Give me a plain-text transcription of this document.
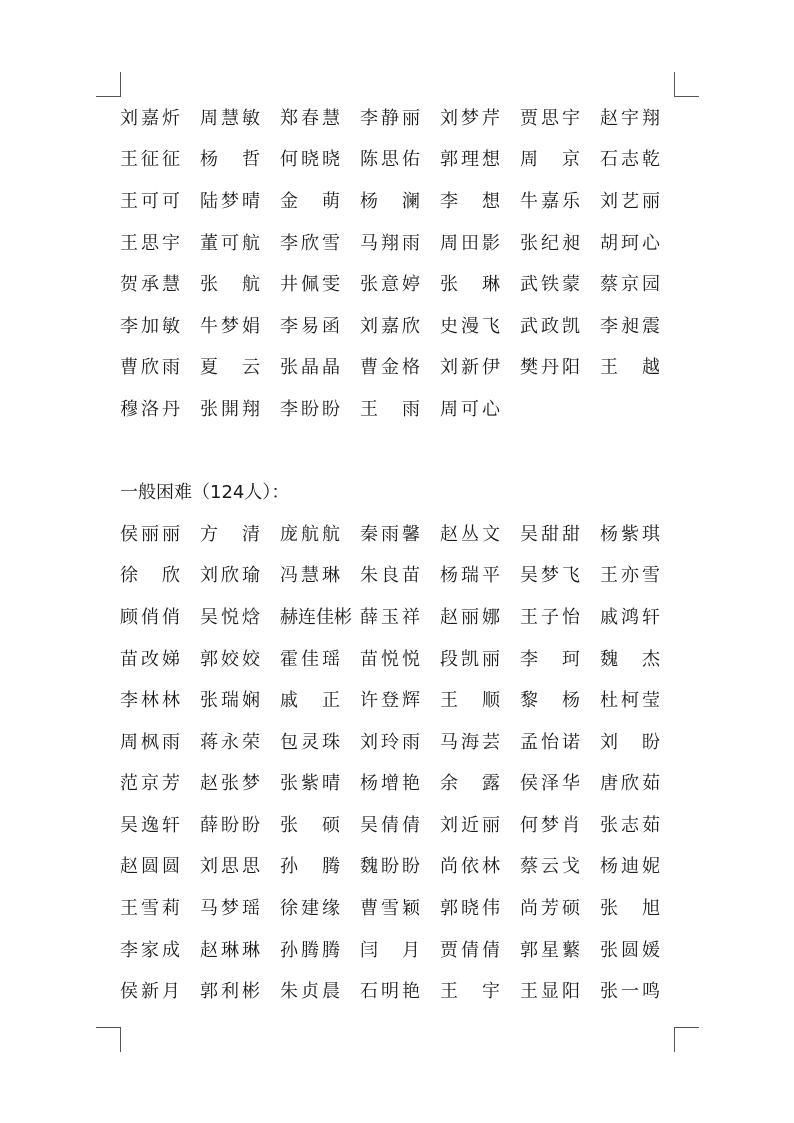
刘嘉炘	周慧敏	郑春慧	李静丽	刘梦芹	贾思宇	赵宇翔
王征征	杨　哲	何晓晓	陈思佑	郭理想	周　京	石志乾
王可可	陆梦晴	金　萌	杨　澜	李　想	牛嘉乐	刘艺丽
王思宇	董可航	李欣雪	马翔雨	周田影	张纪昶	胡珂心
贺承慧	张　航	井佩雯	张意婷	张　琳	武铁蒙	蔡京园
李加敏	牛梦娟	李易函	刘嘉欣	史漫飞	武政凯	李昶震
曹欣雨	夏　云	张晶晶	曹金格	刘新伊	樊丹阳	王　越
穆洛丹	张開翔	李盼盼	王　雨	周可心
一般困难（124人）：
侯丽丽	方　清	庞航航	秦雨馨	赵丛文	吴甜甜	杨紫琪
徐　欣	刘欣瑜	冯慧琳	朱良苗	杨瑞平	吴梦飞	王亦雪
顾俏俏	吴悦焓	赫连佳彬 薛玉祥	赵丽娜	王子怡	戚鸿轩
苗改娣	郭姣姣	霍佳瑶	苗悦悦	段凯丽	李　珂	魏　杰
李林林	张瑞娴	戚　正	许登辉	王　顺	黎　杨	杜柯莹
周枫雨	蒋永荣	包灵珠	刘玲雨	马海芸	孟怡诺	刘　盼
范京芳	赵张梦	张紫晴	杨增艳	余　露	侯泽华	唐欣茹
吴逸轩	薛盼盼	张　硕	吴倩倩	刘近丽	何梦肖	张志茹
赵圆圆	刘思思	孙　腾	魏盼盼	尚依林	蔡云戈	杨迪妮
王雪莉	马梦瑶	徐建缘	曹雪颖	郭晓伟	尚芳硕	张　旭
李家成	赵琳琳	孙腾腾	闫　月	贾倩倩	郭星蘩	张圆媛
侯新月	郭利彬	朱贞晨	石明艳	王　宇	王显阳	张一鸣
